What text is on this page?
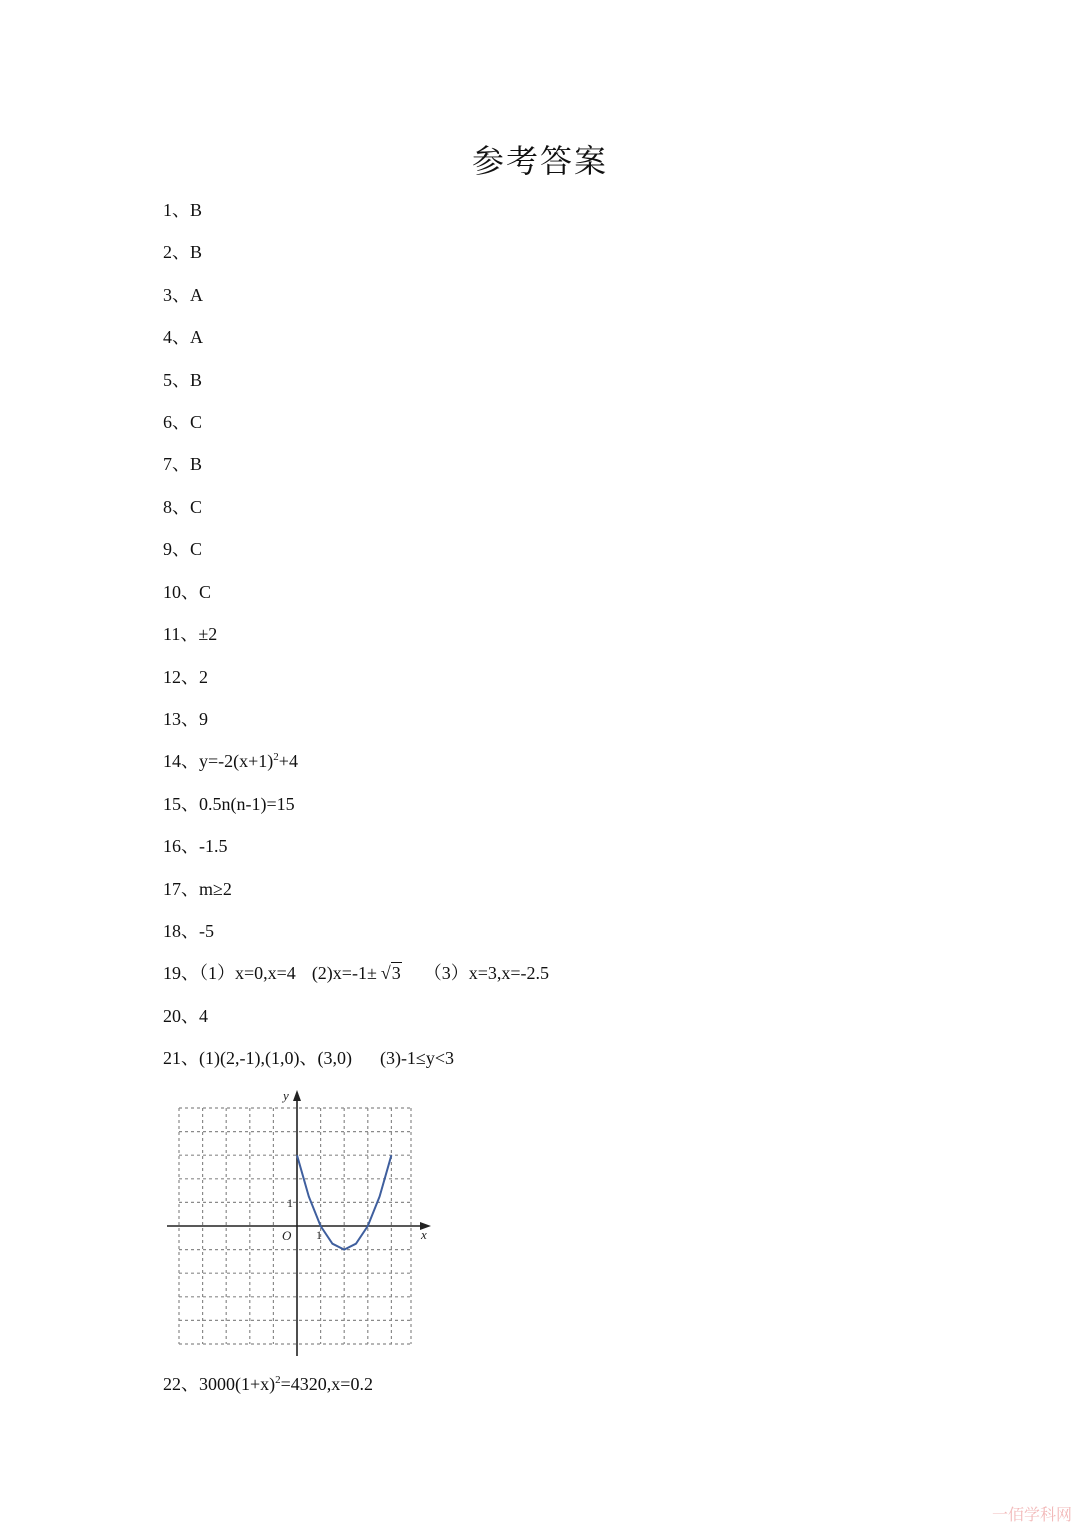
参考答案
1、B
2、B
3、A
4、A
5、B
6、C
7、B
8、C
9、C
10、C
11、±2
12、2
13、9
14、$y=-2(x+1)^2+4$
15、0.5n(n-1)=15
16、-1.5
17、m≥2
18、-5
19、（1）x=0,x=4 (2)x=-1± √3 （3）x=3,x=-2.5
20、4
21、(1)(2,-1),(1,0)、(3,0) (3)-1≤y<3
y
x
O 1
1
22、$3000(1+x)^2=4320,x=0.2$
一佰学科网
